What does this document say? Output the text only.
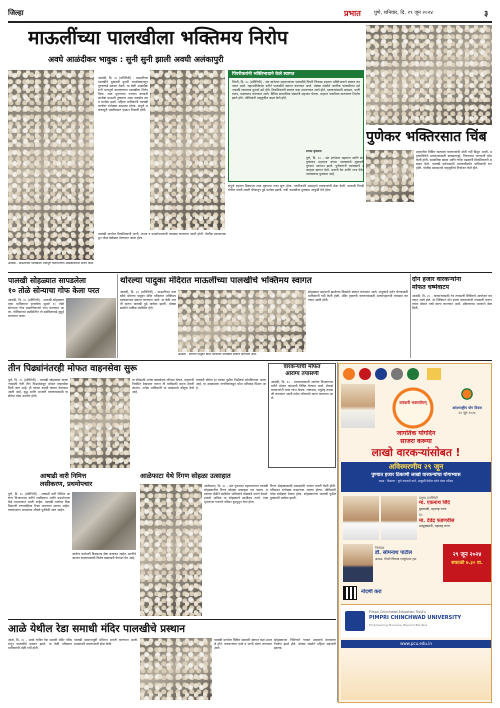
जिल्हा	प्रभात	पुणे, शनिवार, दि. २९ जून २०२४	३
माऊलींच्या पालखीला भक्तिमय निरोप
अवघे आळंदीकर भावुक : सुनी सुनी झाली अवघी अलंकापुरी
आळंदी, दि. २८ (प्रतिनिधी) - माऊलींच्या पालखीने शुक्रवारी दुपारी आजोळघरातून पुण्याकडे प्रस्थान ठेवले. या वेळी आळंदीकरांनी भावपूर्ण वातावरणात पालखीला निरोप दिला. टाळ मृदंगाच्या गजरात वारकरी ज्ञानोबा माऊली तुकाराम असा जयघोष करत मार्गस्थ झाले. महिला भाविकांनी पालखी मार्गावर रांगोळ्या काढल्या होत्या. संपूर्ण अलंकापुरी भक्तीरसात न्हाऊन निघाली होती.
आळंदी - माऊलींच्या पालखीला भावपूर्ण वातावरणात आळंदीकरांनी निरोप दिला.
पालखी मार्गावर ठिकठिकाणी पाणी, नाश्ता व प्रथमोपचाराची व्यवस्था करण्यात आली होती. पोलीस प्रशासनाकडून चोख बंदोबस्त ठेवण्यात आला होता.
पिंपरीकरांनी भक्तिभावाने केले स्वागत
पिंपरी, दि. २८ (प्रतिनिधी) - संत ज्ञानेश्वर महाराजांच्या पालखीचे पिंपरी चिंचवड शहरात भक्तिभावाने स्वागत करण्यात आले. महापालिकेच्या वतीने पालखीचे स्वागत करण्यात आले. मोठ्या संख्येने नागरिक पालखीच्या दर्शनासाठी रस्त्याच्या दुतर्फा उभे होते. ठिकठिकाणी स्वागत कक्ष उभारण्यात आले होते. वारकऱ्यांसाठी अन्नदान, पाणी वाटप, फळवाटप करण्यात आले. विविध सामाजिक संस्थांनी सहभाग घेतला. शहरात भक्तीमय वातावरण निर्माण झाले होते. पोलिसांनी वाहतुकीत बदल केले होते.
पुणेकर भक्तिरसात चिंब
संपूर्ण शहरात दिवसभर टाळ मृदंगाचा गजर सुरू होता. नागरिकांनी उत्साहाने वारकऱ्यांची सेवा केली. पालखी निगडी येथील भक्ती शक्ती चौकातून पुढे मार्गस्थ झाली. रात्री पालखीचा मुक्काम आकुर्डी येथे होता.
प्रभात वृत्तसेवा
पुणे, दि. २८ - संत ज्ञानेश्वर महाराज आणि संत तुकाराम महाराज यांच्या पालख्यांचे शुक्रवारी पुण्यात आगमन झाले. पुणेकरांनी पालख्यांचे उत्साहात स्वागत केले. भवानी पेठ आणि नाना पेठेत पालख्यांचा मुक्काम आहे.
शहरातील विविध रस्त्यांवर वारकऱ्यांची मोठी गर्दी दिसून आली. महापालिकेने वारकऱ्यांसाठी स्वच्छतागृहे, पिण्याच्या पाण्याची सोय केली होती. सामाजिक संस्था आणि गणेश मंडळांनी ठिकठिकाणी अन्नदान केले. पालखी दर्शनासाठी मध्यरात्रीपर्यंत भाविकांची रांग होती. पोलीस प्रशासनाने वाहतुकीचे नियोजन केले होते.
पालखी सोहळ्यात सापडलेला
१० तोळे सोन्याचा गोफ केला परत
आळंदी, दि. २८ (प्रतिनिधी) - पालखी सोहळ्यात एका भाविकाचा हरवलेला सुमारे १० तोळे सोन्याचा गोफ प्रामाणिकपणे परत करण्यात आला. पोलिसांच्या उपस्थितीत तो संबंधितांकडे सुपूर्द करण्यात आला.
थोरल्या पादुका मंदिरात माऊलींच्या पालखीचे भक्तिमय स्वागत
आळंदी, दि. २८ (प्रतिनिधी) - माऊलींच्या पालखीचे थोरल्या पादुका मंदिर परिसरात भक्तिमय वातावरणात स्वागत करण्यात आले. या वेळी आरती करून पालखी पुढे मार्गस्थ झाली. मोठ्या संख्येने भाविक उपस्थित होते.
सोहळ्यात सहभागी झालेल्या दिंड्यांचे स्वागत करण्यात आले. पादुकांचे दर्शन घेण्यासाठी भाविकांनी गर्दी केली होती. मंदिर ट्रस्टतर्फे वारकऱ्यांसाठी अल्पोपहाराची व्यवस्था करण्यात आली होती.
आळंदी - थोरल्या पादुका मंदिर परिसरात पालखीचे स्वागत करण्यात आले.
दोन हजार वारकऱ्यांना
मोफत चष्मेवाटप
आळंदी, दि. २८ - वारकऱ्यांसाठी नेत्र तपासणी शिबिराचे आयोजन करण्यात आले होते. या शिबिरात दोन हजार वारकऱ्यांची तपासणी करून त्यांना मोफत चष्मे वाटप करण्यात आले. डॉक्टरांच्या पथकाने सेवा दिली.
तीन पिढ्यांनंतरही मोफत वाहनसेवा सुरू
पुणे, दि. २८ (प्रतिनिधी) - पालखी सोहळ्यात वारकऱ्यांसाठी गेली तीन पिढ्यांपासून मोफत वाहनसेवा दिली जात आहे. ही परंपरा यंदाही कायम ठेवण्यात आली आहे. वृद्ध आणि आजारी वारकऱ्यांसाठी या सेवेचा मोठा उपयोग होतो.
या सेवेसाठी अनेक स्वयंसेवक परिश्रम घेतात. वाहनांची नियमित देखभाल करून ती वारीसाठी सज्ज ठेवली जातात. अनेक भाविकांनी या उपक्रमाचे कौतुक केले आहे.
वारकरी सेवेचा हा वारसा पुढील पिढीकडे सोपविण्यात आला आहे. या उपक्रमाला नागरिकांकडून मोठा प्रतिसाद मिळत आहे.
वारकऱ्यांची मोफत
आरोग्य तपासणी
आळंदी, दि. २८ - वारकऱ्यांसाठी आरोग्य विभागाच्या वतीने मोफत तपासणी शिबिर घेण्यात आले. शेकडो वारकऱ्यांनी याचा लाभ घेतला. रक्तदाब, मधुमेह तपासणी करण्यात आली तसेच औषधांचे वाटप करण्यात आले.
आषाढी वारी निमित्त
लसीकरण, प्रथमोपचार
पुणे, दि. २८ (प्रतिनिधी) - आषाढी वारी निमित्त आरोग्य विभागाच्या वतीने लसीकरण आणि प्रथमोपचार केंद्रे उभारण्यात आली आहेत. पालखी मार्गावर ठिकठिकाणी रुग्णवाहिका तैनात करण्यात आल्या आहेत. वारकऱ्यांना आवश्यक औषधे पुरविली जात आहेत.
आरोग्य कर्मचारी दिवसरात्र सेवा बजावत आहेत. साथीचे आजार टाळण्यासाठी विशेष खबरदारी घेण्यात येत आहे.
आळेफाटा येथे रिंगण सोहळा उत्साहात
आळेफाटा, दि. २८ - संत तुकाराम महाराजांच्या पालखी सोहळ्यातील रिंगण सोहळा उत्साहात पार पडला. अश्वांच्या दौडीने उपस्थित भाविकांचे डोळ्याचे पारणे फेडले. हजारो भाविक या सोहळ्याचे साक्षीदार ठरले. टाळ मृदंगाच्या गजराने परिसर दुमदुमून गेला होता.
रिंगण सोहळ्यासाठी ग्रामस्थांनी जय्यत तयारी केली होती. परिसरात रांगोळ्या काढण्यात आल्या होत्या. पोलिसांनी चोख बंदोबस्त ठेवला होता. सोहळ्यानंतर पालखी पुढील मुक्कामी मार्गस्थ झाली.
आळे येथील रेडा समाधी मंदिर पालखीचे प्रस्थान
आळे, दि. २८ - आळे येथील रेडा समाधी मंदिर परिसरातून पालखीचे प्रस्थान झाले. या वेळी परिसरात भाविकांची मोठी गर्दी होती.
पालखी प्रस्थानापूर्वी मंदिरात आरती करण्यात आली. ग्रामस्थांनी वारकऱ्यांची सेवा केली.
पालखी मार्गावर विविध संस्थांनी स्वागत कक्ष उभारले होते. वारकऱ्यांना फळे व पाणी वाटप करण्यात आले.
सोहळ्याच्या निमित्ताने गावात उत्सवाचे वातावरण निर्माण झाले होते. मोठ्या संख्येने महिला सहभागी झाल्या.
वारकरी भक्तयोगम्
आंतरराष्ट्रीय योग दिवस
२१ जून २०२४
जागतिक योगदिन
साजरा करूया
लाखो वारकऱ्यांसोबत !
अविस्मरणीय २९ जून
पुण्यात हजार ठिकाणी लाखो वारकऱ्यांचा योगाभ्यास
स्थळ : ठिकाण : पुणे वारकरी मार्ग, आकुर्डी येथील दर्शन मंडप परिसर
प्रमुख उपस्थिती
मा. एकनाथ शिंदे
मुख्यमंत्री, महाराष्ट्र राज्य
मा.
मा. देवेंद्र फडणवीस
उपमुख्यमंत्री, महाराष्ट्र राज्य
निमंत्रक
डॉ. सोमनाथ पाटील
अध्यक्ष, पिंपरी चिंचवड एज्युकेशन ट्रस्ट
२९ जून २०२४
सकाळी ७.३० वा.
नोंदणी करा
Pimpri Chinchwad Education Trust's
PIMPRI CHINCHWAD UNIVERSITY
Empowering Pioneers, Beyond Borders
www.pcu.edu.in
